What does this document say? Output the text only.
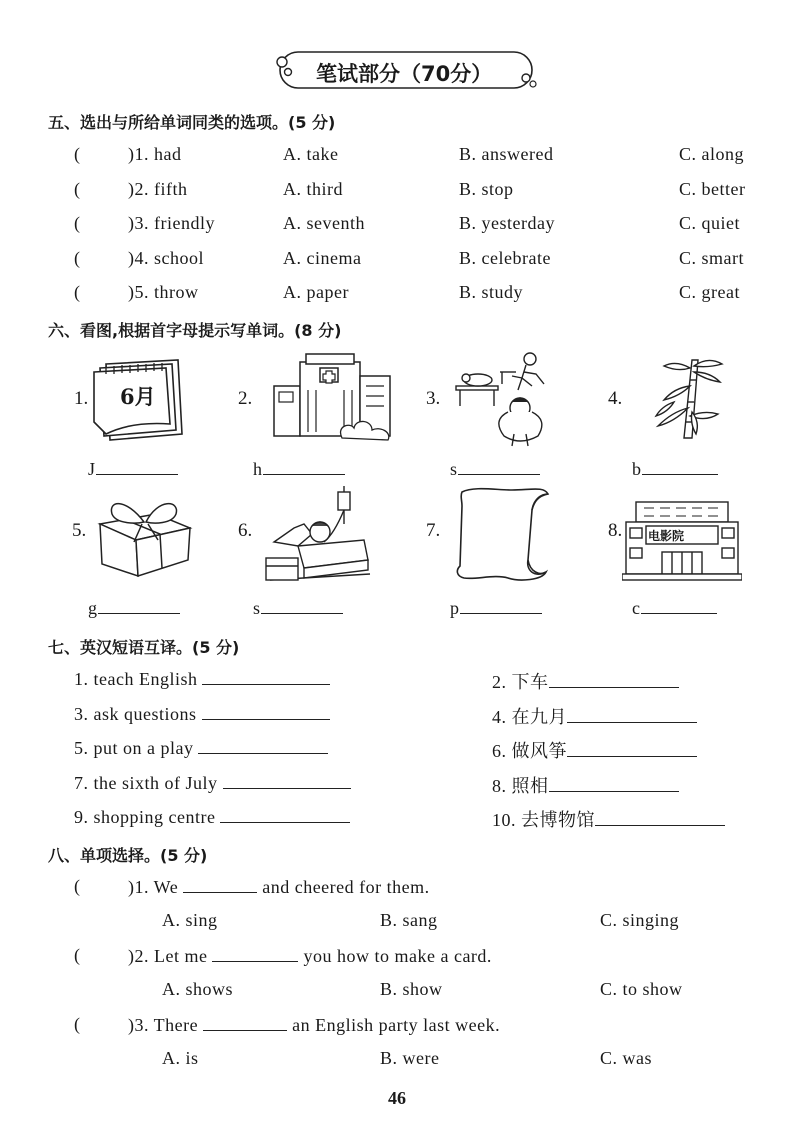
笔试部分（70分）
五、选出与所给单词同类的选项。(5 分)
(	)1. had	A. take	B. answered	C. along
(	)2. fifth	A. third	B. stop	C. better
(	)3. friendly	A. seventh	B. yesterday	C. quiet
(	)4. school	A. cinema	B. celebrate	C. smart
(	)5. throw	A. paper	B. study	C. great
六、看图,根据首字母提示写单词。(8 分)
1.	2.	3.	4.
5.	6.	7.	8.
6月
电影院
J	h	s	b
g	s	p	c
七、英汉短语互译。(5 分)
1. teach English
3. ask questions
5. put on a play
7. the sixth of July
9. shopping centre
2. 下车
4. 在九月
6. 做风筝
8. 照相
10. 去博物馆
八、单项选择。(5 分)
(	)1. We	and cheered for them.
A. sing	B. sang	C. singing
(	)2. Let me	you how to make a card.
A. shows	B. show	C. to show
(	)3. There	an English party last week.
A. is	B. were	C. was
46
